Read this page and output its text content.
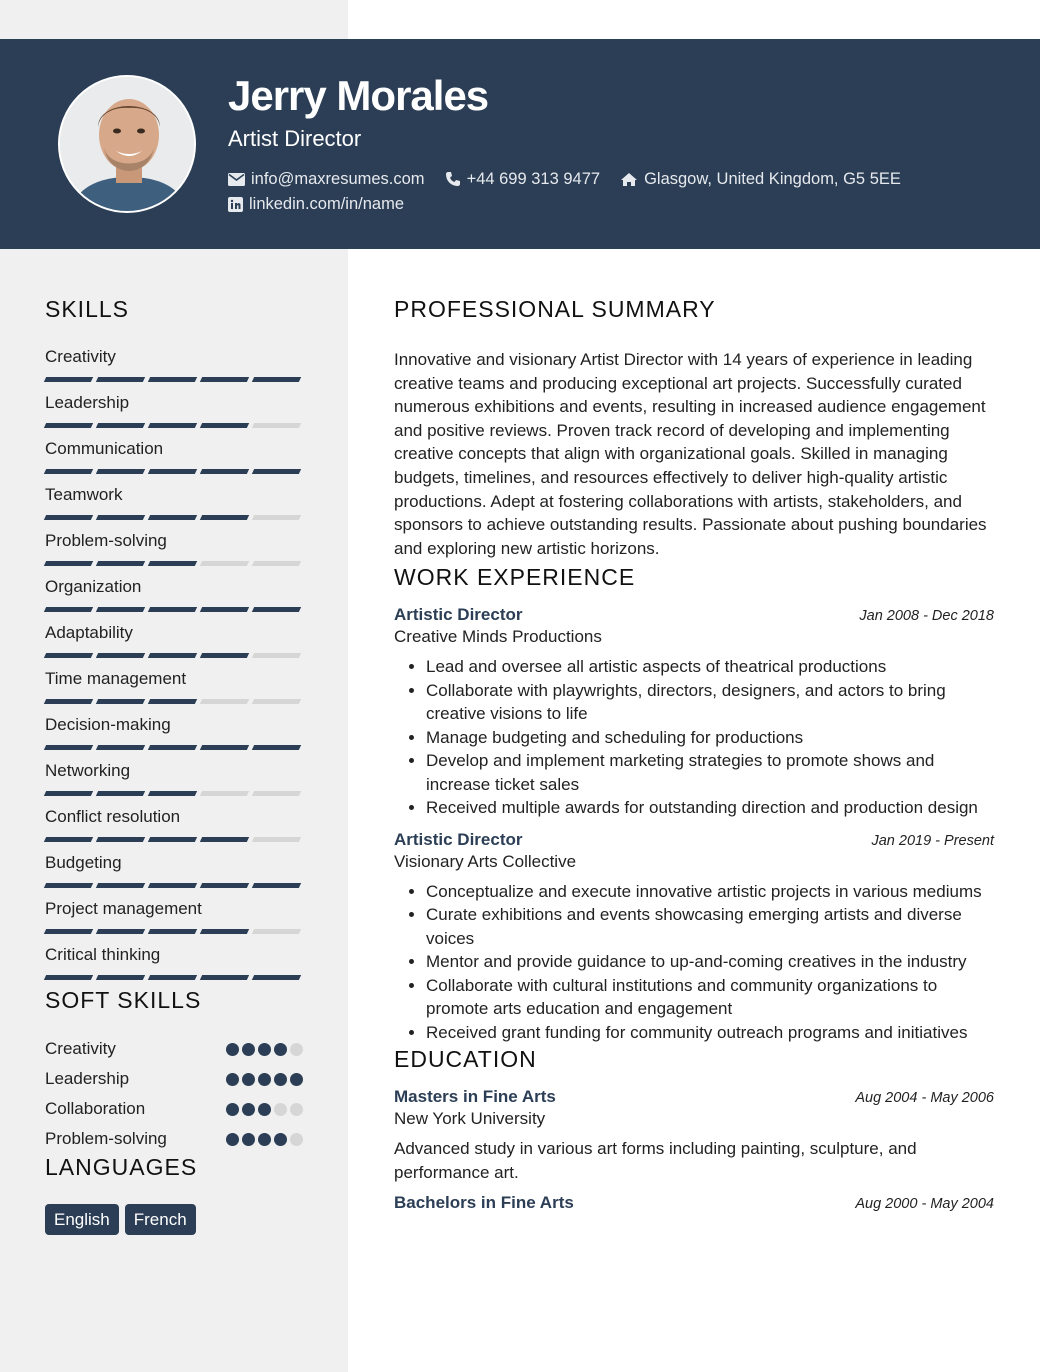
Jerry Morales
Artist Director
info@maxresumes.com	+44 699 313 9477	Glasgow, United Kingdom, G5 5EE
linkedin.com/in/name
SKILLS
Creativity
Leadership
Communication
Teamwork
Problem-solving
Organization
Adaptability
Time management
Decision-making
Networking
Conflict resolution
Budgeting
Project management
Critical thinking
SOFT SKILLS
Creativity
Leadership
Collaboration
Problem-solving
LANGUAGES
English	French
PROFESSIONAL SUMMARY
Innovative and visionary Artist Director with 14 years of experience in leading creative teams and producing exceptional art projects. Successfully curated numerous exhibitions and events, resulting in increased audience engagement and positive reviews. Proven track record of developing and implementing creative concepts that align with organizational goals. Skilled in managing budgets, timelines, and resources effectively to deliver high-quality artistic productions. Adept at fostering collaborations with artists, stakeholders, and sponsors to achieve outstanding results. Passionate about pushing boundaries and exploring new artistic horizons.
WORK EXPERIENCE
Artistic Director	Jan 2008 - Dec 2018
Creative Minds Productions
• Lead and oversee all artistic aspects of theatrical productions
• Collaborate with playwrights, directors, designers, and actors to bring creative visions to life
• Manage budgeting and scheduling for productions
• Develop and implement marketing strategies to promote shows and increase ticket sales
• Received multiple awards for outstanding direction and production design
Artistic Director	Jan 2019 - Present
Visionary Arts Collective
• Conceptualize and execute innovative artistic projects in various mediums
• Curate exhibitions and events showcasing emerging artists and diverse voices
• Mentor and provide guidance to up-and-coming creatives in the industry
• Collaborate with cultural institutions and community organizations to promote arts education and engagement
• Received grant funding for community outreach programs and initiatives
EDUCATION
Masters in Fine Arts	Aug 2004 - May 2006
New York University
Advanced study in various art forms including painting, sculpture, and performance art.
Bachelors in Fine Arts	Aug 2000 - May 2004
